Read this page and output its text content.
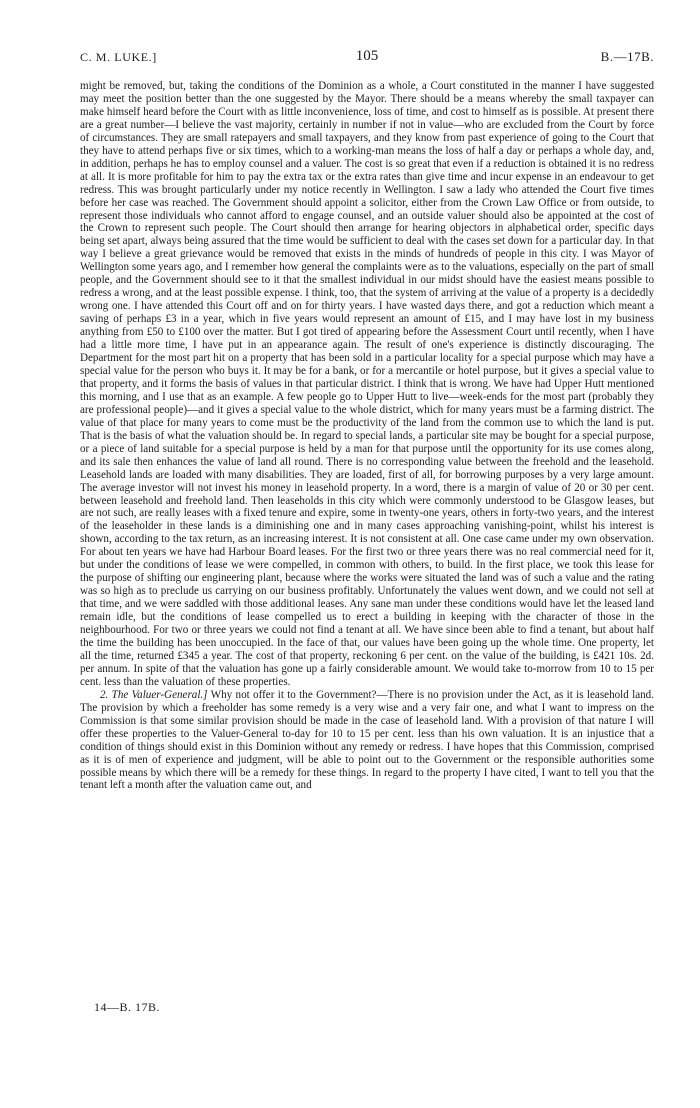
C. M. LUKE.]	105	B.—17B.

might be removed, but, taking the conditions of the Dominion as a whole, a Court constituted in the manner I have suggested may meet the position better than the one suggested by the Mayor. There should be a means whereby the small taxpayer can make himself heard before the Court with as little inconvenience, loss of time, and cost to himself as is possible. At present there are a great number—I believe the vast majority, certainly in number if not in value—who are excluded from the Court by force of circumstances. They are small ratepayers and small taxpayers, and they know from past experience of going to the Court that they have to attend perhaps five or six times, which to a working-man means the loss of half a day or perhaps a whole day, and, in addition, perhaps he has to employ counsel and a valuer. The cost is so great that even if a reduction is obtained it is no redress at all. It is more profitable for him to pay the extra tax or the extra rates than give time and incur expense in an endeavour to get redress. This was brought particularly under my notice recently in Wellington. I saw a lady who attended the Court five times before her case was reached. The Government should appoint a solicitor, either from the Crown Law Office or from outside, to represent those individuals who cannot afford to engage counsel, and an outside valuer should also be appointed at the cost of the Crown to represent such people. The Court should then arrange for hearing objectors in alphabetical order, specific days being set apart, always being assured that the time would be sufficient to deal with the cases set down for a particular day. In that way I believe a great grievance would be removed that exists in the minds of hundreds of people in this city. I was Mayor of Wellington some years ago, and I remember how general the complaints were as to the valuations, especially on the part of small people, and the Government should see to it that the smallest individual in our midst should have the easiest means possible to redress a wrong, and at the least possible expense. I think, too, that the system of arriving at the value of a property is a decidedly wrong one. I have attended this Court off and on for thirty years. I have wasted days there, and got a reduction which meant a saving of perhaps £3 in a year, which in five years would represent an amount of £15, and I may have lost in my business anything from £50 to £100 over the matter. But I got tired of appearing before the Assessment Court until recently, when I have had a little more time, I have put in an appearance again. The result of one's experience is distinctly discouraging. The Department for the most part hit on a property that has been sold in a particular locality for a special purpose which may have a special value for the person who buys it. It may be for a bank, or for a mercantile or hotel purpose, but it gives a special value to that property, and it forms the basis of values in that particular district. I think that is wrong. We have had Upper Hutt mentioned this morning, and I use that as an example. A few people go to Upper Hutt to live—week-ends for the most part (probably they are professional people)—and it gives a special value to the whole district, which for many years must be a farming district. The value of that place for many years to come must be the productivity of the land from the common use to which the land is put. That is the basis of what the valuation should be. In regard to special lands, a particular site may be bought for a special purpose, or a piece of land suitable for a special purpose is held by a man for that purpose until the opportunity for its use comes along, and its sale then enhances the value of land all round. There is no corresponding value between the freehold and the leasehold. Leasehold lands are loaded with many disabilities. They are loaded, first of all, for borrowing purposes by a very large amount. The average investor will not invest his money in leasehold property. In a word, there is a margin of value of 20 or 30 per cent. between leasehold and freehold land. Then leaseholds in this city which were commonly understood to be Glasgow leases, but are not such, are really leases with a fixed tenure and expire, some in twenty-one years, others in forty-two years, and the interest of the leaseholder in these lands is a diminishing one and in many cases approaching vanishing-point, whilst his interest is shown, according to the tax return, as an increasing interest. It is not consistent at all. One case came under my own observation. For about ten years we have had Harbour Board leases. For the first two or three years there was no real commercial need for it, but under the conditions of lease we were compelled, in common with others, to build. In the first place, we took this lease for the purpose of shifting our engineering plant, because where the works were situated the land was of such a value and the rating was so high as to preclude us carrying on our business profitably. Unfortunately the values went down, and we could not sell at that time, and we were saddled with those additional leases. Any sane man under these conditions would have let the leased land remain idle, but the conditions of lease compelled us to erect a building in keeping with the character of those in the neighbourhood. For two or three years we could not find a tenant at all. We have since been able to find a tenant, but about half the time the building has been unoccupied. In the face of that, our values have been going up the whole time. One property, let all the time, returned £345 a year. The cost of that property, reckoning 6 per cent. on the value of the building, is £421 10s. 2d. per annum. In spite of that the valuation has gone up a fairly considerable amount. We would take to-morrow from 10 to 15 per cent. less than the valuation of these properties.

2. The Valuer-General.] Why not offer it to the Government?—There is no provision under the Act, as it is leasehold land. The provision by which a freeholder has some remedy is a very wise and a very fair one, and what I want to impress on the Commission is that some similar provision should be made in the case of leasehold land. With a provision of that nature I will offer these properties to the Valuer-General to-day for 10 to 15 per cent. less than his own valuation. It is an injustice that a condition of things should exist in this Dominion without any remedy or redress. I have hopes that this Commission, comprised as it is of men of experience and judgment, will be able to point out to the Government or the responsible authorities some possible means by which there will be a remedy for these things. In regard to the property I have cited, I want to tell you that the tenant left a month after the valuation came out, and

14—B. 17B.
